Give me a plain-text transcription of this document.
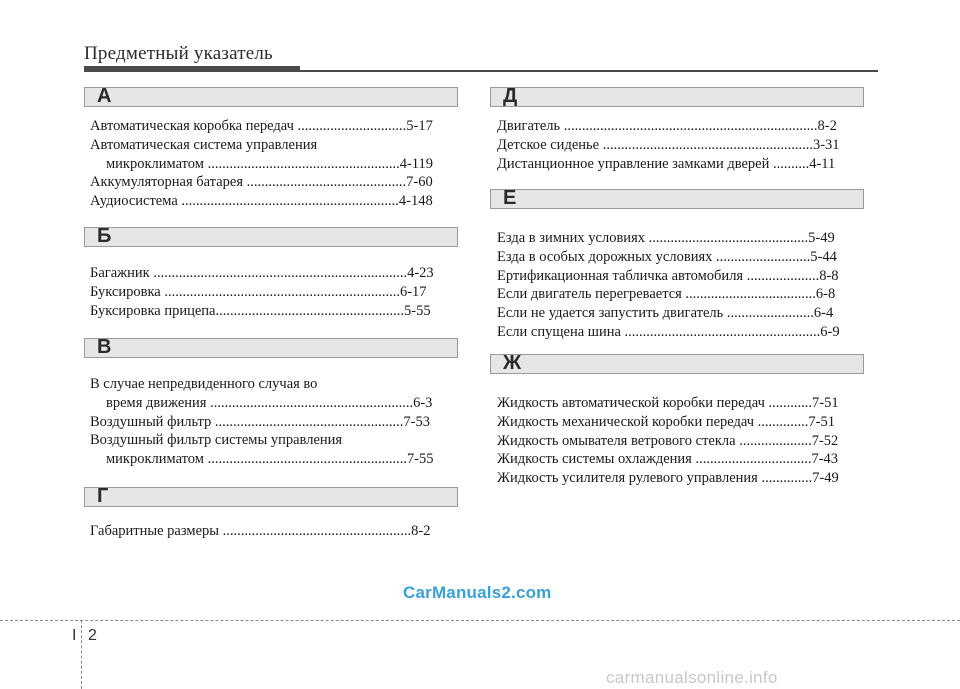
Предметный указатель
А
Автоматическая коробка передач ..............................5-17
Автоматическая система управления
микроклиматом .....................................................4-119
Аккумуляторная батарея ............................................7-60
Аудиосистема ............................................................4-148
Б
Багажник ......................................................................4-23
Буксировка .................................................................6-17
Буксировка прицепа....................................................5-55
В
В случае непредвиденного случая во
время движения ........................................................6-3
Воздушный фильтр ....................................................7-53
Воздушный фильтр системы управления
микроклиматом .......................................................7-55
Г
Габаритные размеры ....................................................8-2
Д
Двигатель ......................................................................8-2
Детское сиденье ..........................................................3-31
Дистанционное управление замками дверей ..........4-11
Е
Езда в зимних условиях ............................................5-49
Езда в особых дорожных условиях ..........................5-44
Ертификационная табличка автомобиля ....................8-8
Если двигатель перегревается ....................................6-8
Если не удается запустить двигатель ........................6-4
Если спущена шина ......................................................6-9
Ж
Жидкость автоматической коробки передач ............7-51
Жидкость механической коробки передач ..............7-51
Жидкость омывателя ветрового стекла ....................7-52
Жидкость системы охлаждения ................................7-43
Жидкость усилителя рулевого управления ..............7-49
CarManuals2.com
I 2
carmanualsonline.info
